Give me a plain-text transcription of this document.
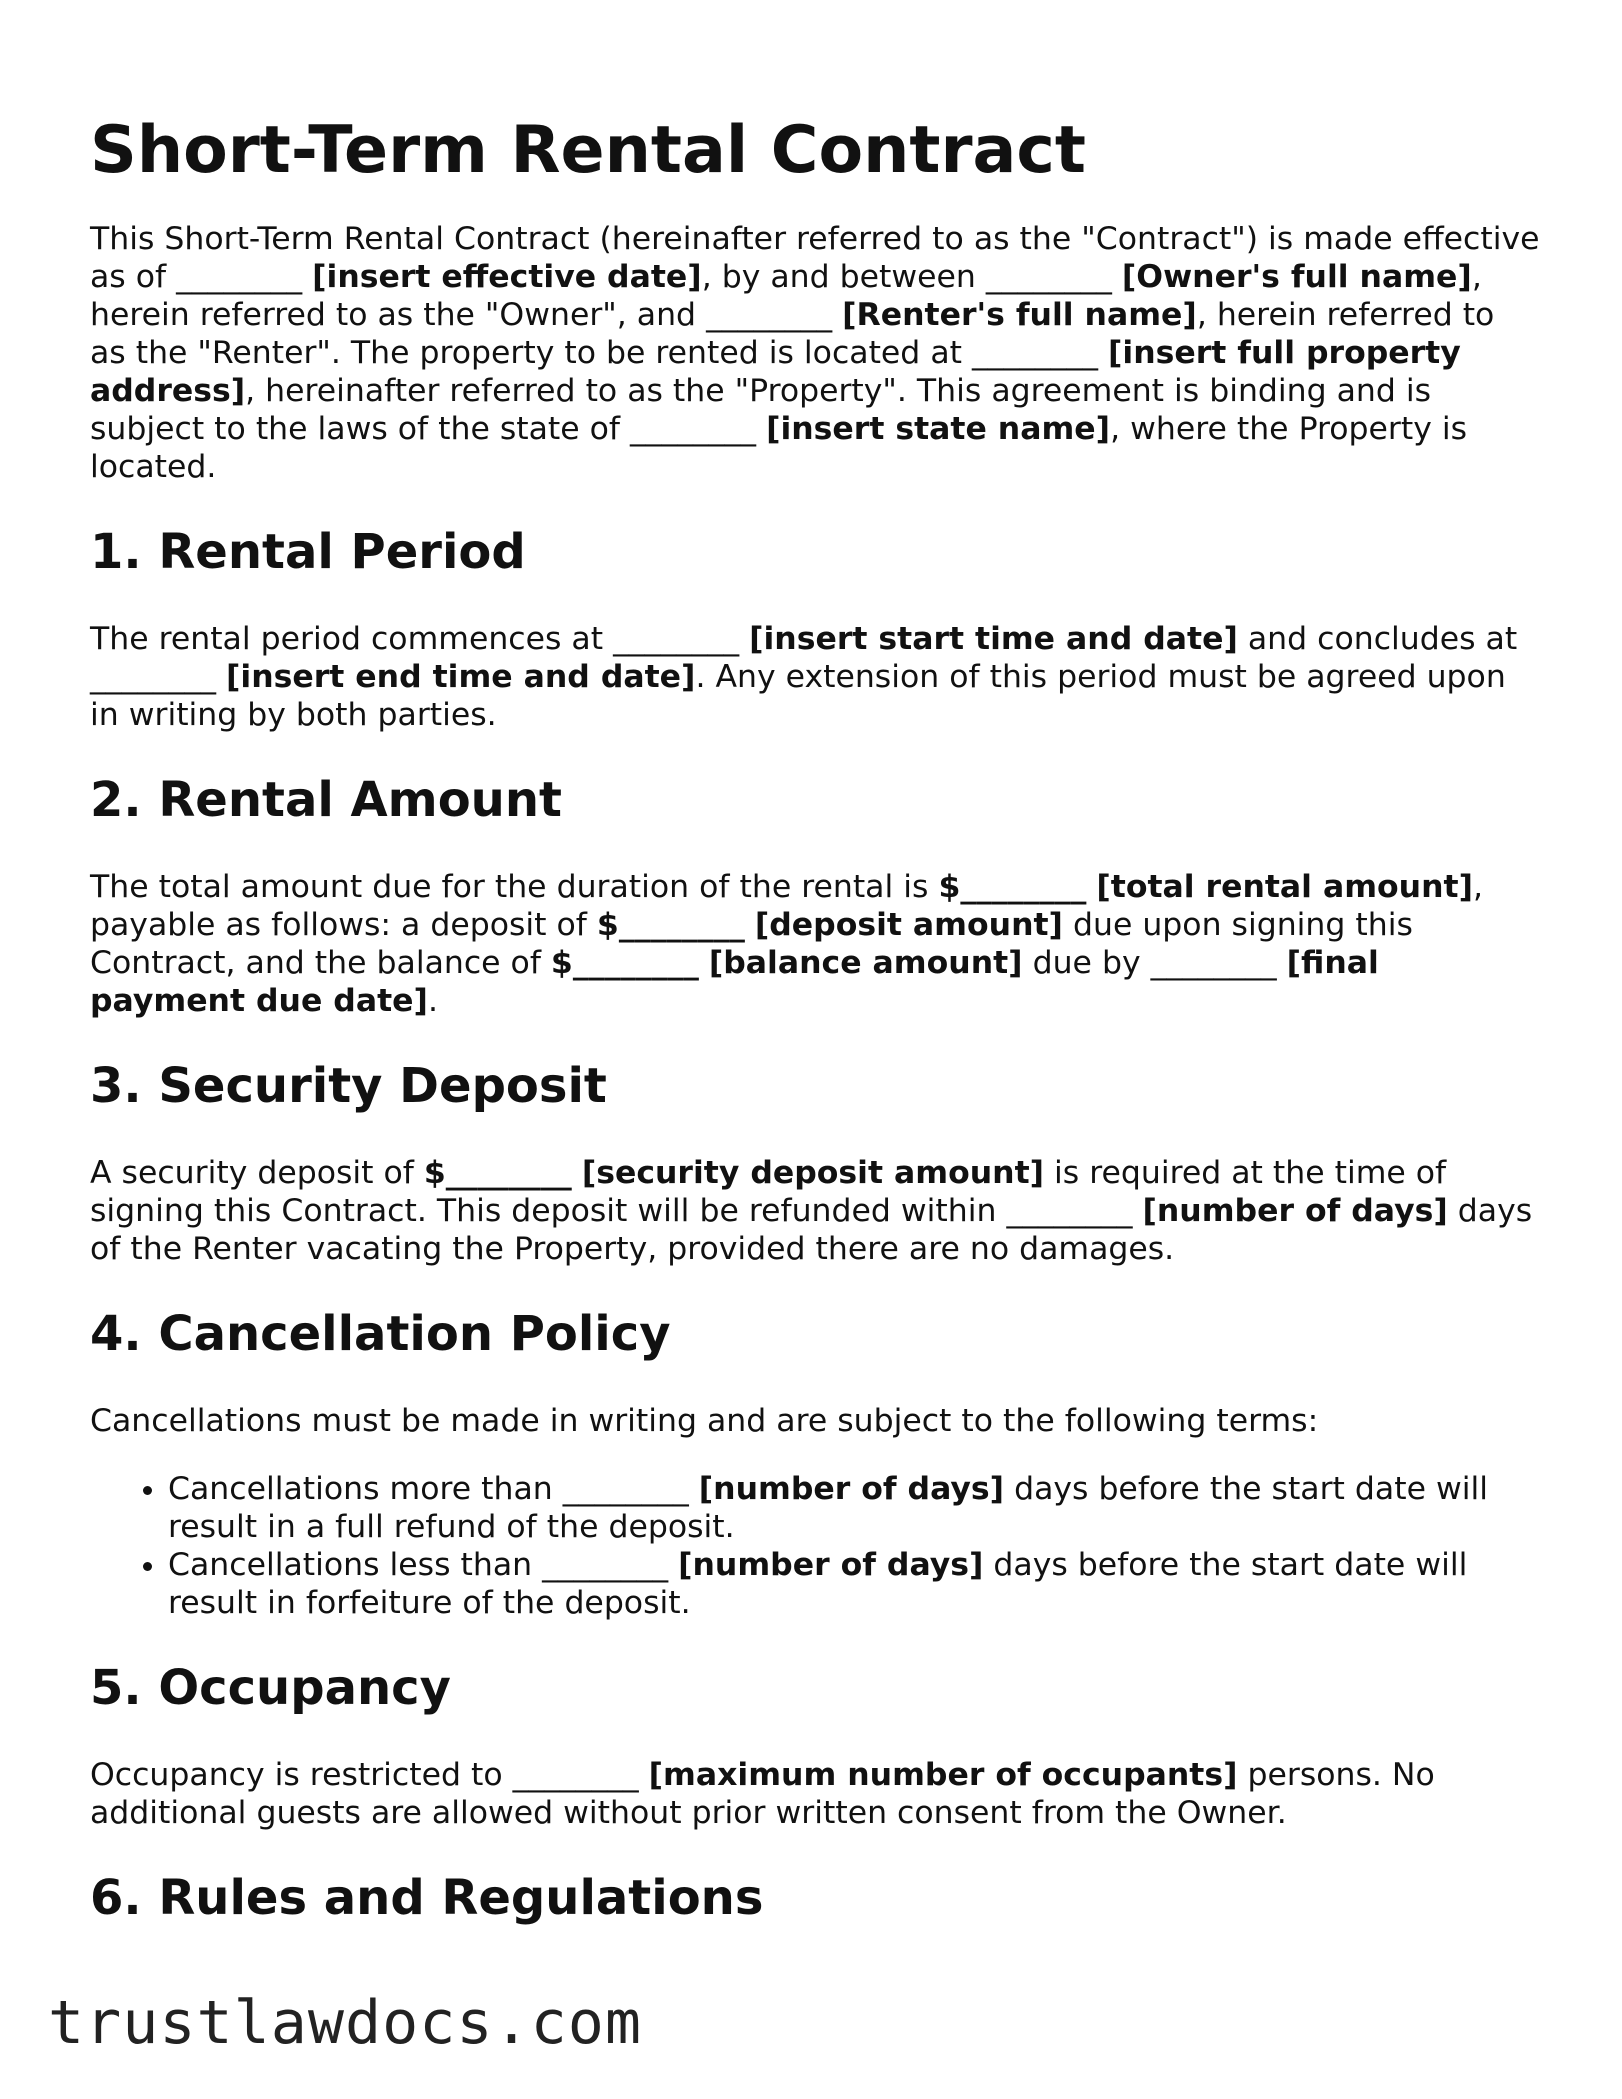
Short-Term Rental Contract

This Short-Term Rental Contract (hereinafter referred to as the "Contract") is made effective as of ________ [insert effective date], by and between ________ [Owner's full name], herein referred to as the "Owner", and ________ [Renter's full name], herein referred to as the "Renter". The property to be rented is located at ________ [insert full property address], hereinafter referred to as the "Property". This agreement is binding and is subject to the laws of the state of ________ [insert state name], where the Property is located.

1. Rental Period

The rental period commences at ________ [insert start time and date] and concludes at ________ [insert end time and date]. Any extension of this period must be agreed upon in writing by both parties.

2. Rental Amount

The total amount due for the duration of the rental is $________ [total rental amount], payable as follows: a deposit of $________ [deposit amount] due upon signing this Contract, and the balance of $________ [balance amount] due by ________ [final payment due date].

3. Security Deposit

A security deposit of $________ [security deposit amount] is required at the time of signing this Contract. This deposit will be refunded within ________ [number of days] days of the Renter vacating the Property, provided there are no damages.

4. Cancellation Policy

Cancellations must be made in writing and are subject to the following terms:

• Cancellations more than ________ [number of days] days before the start date will result in a full refund of the deposit.
• Cancellations less than ________ [number of days] days before the start date will result in forfeiture of the deposit.
5. Occupancy

Occupancy is restricted to ________ [maximum number of occupants] persons. No additional guests are allowed without prior written consent from the Owner.

6. Rules and Regulations
trustlawdocs.com
